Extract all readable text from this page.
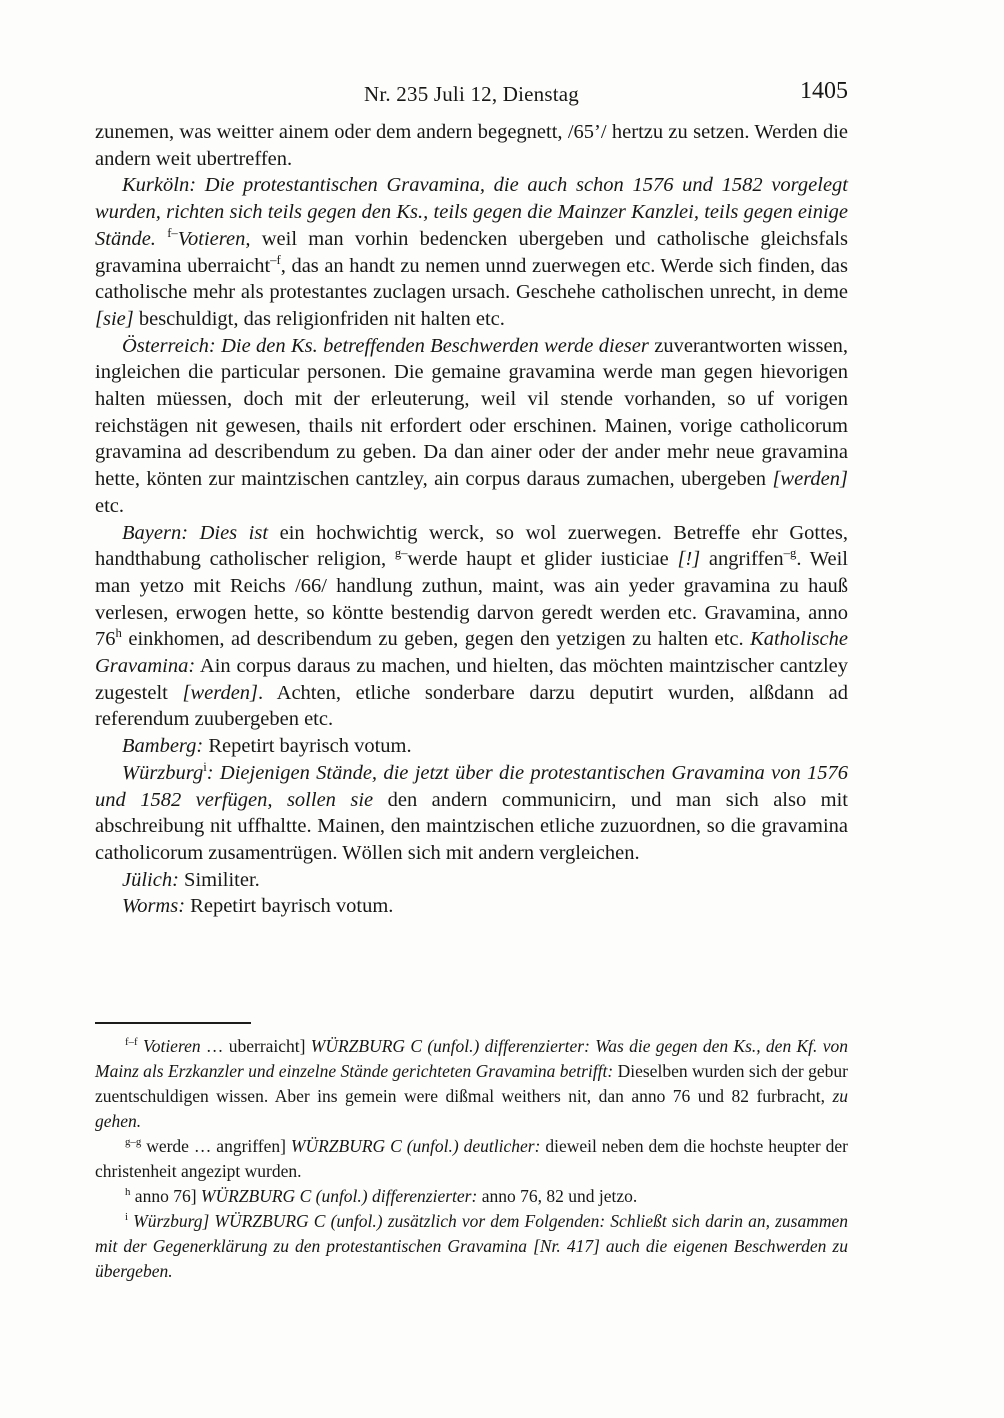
Nr. 235 Juli 12, Dienstag	1405

zunemen, was weitter ainem oder dem andern begegnett, /65’/ hertzu zu setzen. Werden die andern weit ubertreffen.

Kurköln: Die protestantischen Gravamina, die auch schon 1576 und 1582 vorgelegt wurden, richten sich teils gegen den Ks., teils gegen die Mainzer Kanzlei, teils gegen einige Stände. $^{f-}$Votieren, weil man vorhin bedencken ubergeben und catholische gleichsfals gravamina uberraicht$^{-f}$, das an handt zu nemen unnd zuerwegen etc. Werde sich finden, das catholische mehr als protestantes zuclagen ursach. Geschehe catholischen unrecht, in deme [sie] beschuldigt, das religionfriden nit halten etc.

Österreich: Die den Ks. betreffenden Beschwerden werde dieser zuverantworten wissen, ingleichen die particular personen. Die gemaine gravamina werde man gegen hievorigen halten müessen, doch mit der erleuterung, weil vil stende vorhanden, so uf vorigen reichstägen nit gewesen, thails nit erfordert oder erschinen. Mainen, vorige catholicorum gravamina ad describendum zu geben. Da dan ainer oder der ander mehr neue gravamina hette, könten zur maintzischen cantzley, ain corpus daraus zumachen, ubergeben [werden] etc.

Bayern: Dies ist ein hochwichtig werck, so wol zuerwegen. Betreffe ehr Gottes, handthabung catholischer religion, $^{g-}$werde haupt et glider iusticiae [!] angriffen$^{-g}$. Weil man yetzo mit Reichs /66/ handlung zuthun, maint, was ain yeder gravamina zu hauß verlesen, erwogen hette, so köntte bestendig darvon geredt werden etc. Gravamina, anno 76$^h$ einkhomen, ad describendum zu geben, gegen den yetzigen zu halten etc. Katholische Gravamina: Ain corpus daraus zu machen, und hielten, das möchten maintzischer cantzley zugestelt [werden]. Achten, etliche sonderbare darzu deputirt wurden, alßdann ad referendum zuubergeben etc.

Bamberg: Repetirt bayrisch votum.

Würzburg$^i$: Diejenigen Stände, die jetzt über die protestantischen Gravamina von 1576 und 1582 verfügen, sollen sie den andern communicirn, und man sich also mit abschreibung nit uffhaltte. Mainen, den maintzischen etliche zuzuordnen, so die gravamina catholicorum zusamentrügen. Wöllen sich mit andern vergleichen.

Jülich: Similiter.

Worms: Repetirt bayrisch votum.

$^{f-f}$ Votieren … uberraicht] WÜRZBURG C (unfol.) differenzierter: Was die gegen den Ks., den Kf. von Mainz als Erzkanzler und einzelne Stände gerichteten Gravamina betrifft: Dieselben wurden sich der gebur zuentschuldigen wissen. Aber ins gemein were dißmal weithers nit, dan anno 76 und 82 furbracht, zu gehen.

$^{g-g}$ werde … angriffen] WÜRZBURG C (unfol.) deutlicher: dieweil neben dem die hochste heupter der christenheit angezipt wurden.

$^h$ anno 76] WÜRZBURG C (unfol.) differenzierter: anno 76, 82 und jetzo.

$^i$ Würzburg] WÜRZBURG C (unfol.) zusätzlich vor dem Folgenden: Schließt sich darin an, zusammen mit der Gegenerklärung zu den protestantischen Gravamina [Nr. 417] auch die eigenen Beschwerden zu übergeben.
